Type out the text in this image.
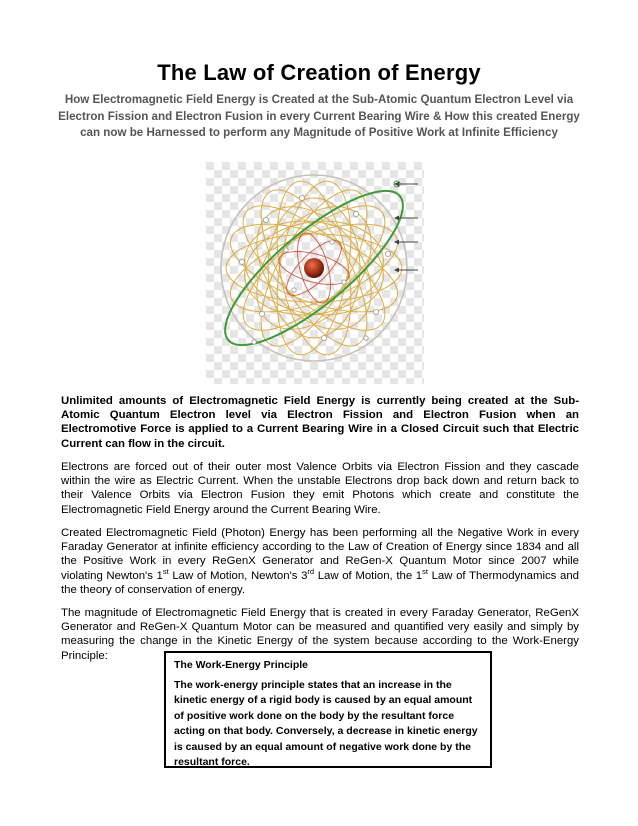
The Law of Creation of Energy
How Electromagnetic Field Energy is Created at the Sub-Atomic Quantum Electron Level via Electron Fission and Electron Fusion in every Current Bearing Wire & How this created Energy can now be Harnessed to perform any Magnitude of Positive Work at Infinite Efficiency
Unlimited amounts of Electromagnetic Field Energy is currently being created at the Sub-Atomic Quantum Electron level via Electron Fission and Electron Fusion when an Electromotive Force is applied to a Current Bearing Wire in a Closed Circuit such that Electric Current can flow in the circuit.
Electrons are forced out of their outer most Valence Orbits via Electron Fission and they cascade within the wire as Electric Current. When the unstable Electrons drop back down and return back to their Valence Orbits via Electron Fusion they emit Photons which create and constitute the Electromagnetic Field Energy around the Current Bearing Wire.
Created Electromagnetic Field (Photon) Energy has been performing all the Negative Work in every Faraday Generator at infinite efficiency according to the Law of Creation of Energy since 1834 and all the Positive Work in every ReGenX Generator and ReGen-X Quantum Motor since 2007 while violating Newton's 1st Law of Motion, Newton's 3rd Law of Motion, the 1st Law of Thermodynamics and the theory of conservation of energy.
The magnitude of Electromagnetic Field Energy that is created in every Faraday Generator, ReGenX Generator and ReGen-X Quantum Motor can be measured and quantified very easily and simply by measuring the change in the Kinetic Energy of the system because according to the Work-Energy Principle:
The Work-Energy Principle
The work-energy principle states that an increase in the kinetic energy of a rigid body is caused by an equal amount of positive work done on the body by the resultant force acting on that body. Conversely, a decrease in kinetic energy is caused by an equal amount of negative work done by the resultant force.
